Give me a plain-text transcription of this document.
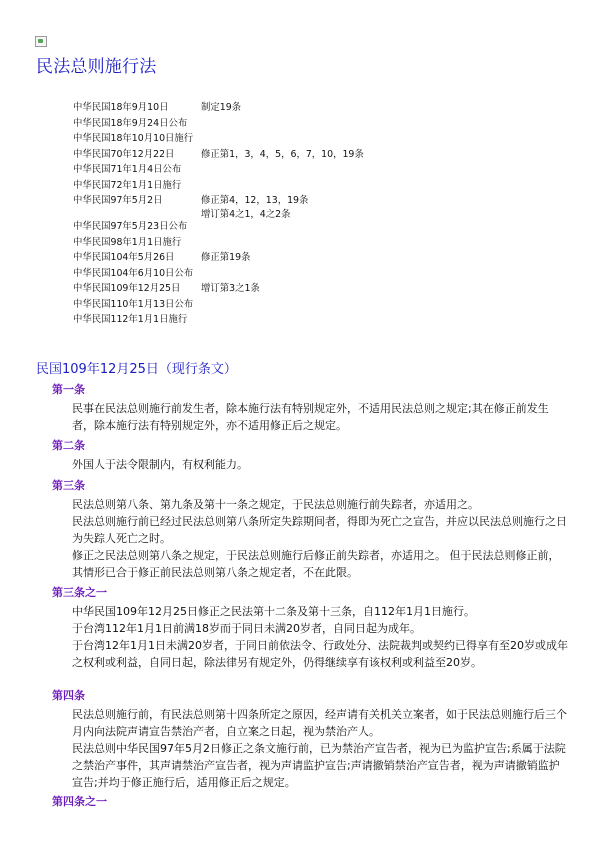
民法总则施行法
中华民国18年9月10日	制定19条
中华民国18年9月24日公布
中华民国18年10月10日施行
中华民国70年12月22日	修正第1，3，4，5，6，7，10，19条
中华民国71年1月4日公布
中华民国72年1月1日施行
中华民国97年5月2日	修正第4，12，13，19条
增订第4之1，4之2条
中华民国97年5月23日公布
中华民国98年1月1日施行
中华民国104年5月26日	修正第19条
中华民国104年6月10日公布
中华民国109年12月25日 增订第3之1条
中华民国110年1月13日公布
中华民国112年1月1日施行
民国109年12月25日（现行条文）
第一条

民事在民法总则施行前发生者，除本施行法有特别规定外，不适用民法总则之规定;其在修正前发生者，除本施行法有特别规定外，亦不适用修正后之规定。

第二条

外国人于法令限制内，有权利能力。

第三条

民法总则第八条、第九条及第十一条之规定，于民法总则施行前失踪者，亦适用之。

民法总则施行前已经过民法总则第八条所定失踪期间者，得即为死亡之宣告，并应以民法总则施行之日为失踪人死亡之时。

修正之民法总则第八条之规定，于民法总则施行后修正前失踪者，亦适用之。 但于民法总则修正前，其情形已合于修正前民法总则第八条之规定者，不在此限。

第三条之一

中华民国109年12月25日修正之民法第十二条及第十三条，自112年1月1日施行。

于台湾112年1月1日前满18岁而于同日未满20岁者，自同日起为成年。

于台湾12年1月1日未满20岁者，于同日前依法令、行政处分、法院裁判或契约已得享有至20岁或成年之权利或利益，自同日起，除法律另有规定外，仍得继续享有该权利或利益至20岁。

第四条

民法总则施行前，有民法总则第十四条所定之原因，经声请有关机关立案者，如于民法总则施行后三个月内向法院声请宣告禁治产者，自立案之日起，视为禁治产人。

民法总则中华民国97年5月2日修正之条文施行前，已为禁治产宣告者，视为已为监护宣告;系属于法院之禁治产事件，其声请禁治产宣告者，视为声请监护宣告;声请撤销禁治产宣告者，视为声请撤销监护宣告;并均于修正施行后，适用修正后之规定。

第四条之一
